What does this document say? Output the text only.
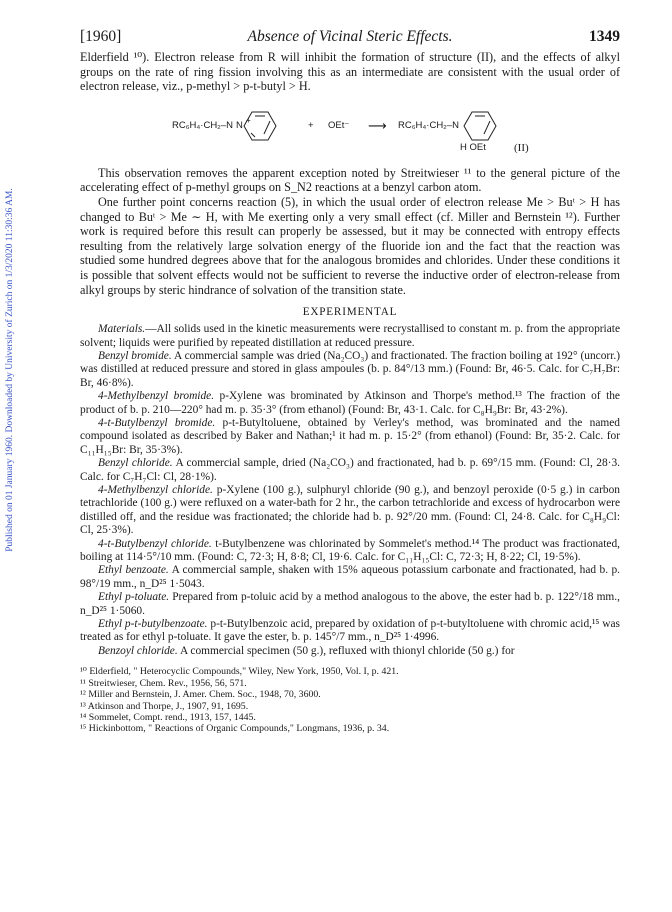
Published on 01 January 1960. Downloaded by University of Zurich on 1/3/2020 11:30:36 AM.
[1960]	Absence of Vicinal Steric Effects.	1349

Elderfield ¹⁰). Electron release from R will inhibit the formation of structure (II), and the effects of alkyl groups on the rate of ring fission involving this as an intermediate are consistent with the usual order of electron release, viz., p-methyl > p-t-butyl > H.

RC₆H₄·CH₂–N N +	+ OEt⁻ ⟶ RC₆H₄·CH₂–N
H OEt	(II)

This observation removes the apparent exception noted by Streitwieser ¹¹ to the general picture of the accelerating effect of p-methyl groups on S_N2 reactions at a benzyl carbon atom.

One further point concerns reaction (5), in which the usual order of electron release Me > Buᵗ > H has changed to Buᵗ > Me ∼ H, with Me exerting only a very small effect (cf. Miller and Bernstein ¹²). Further work is required before this result can properly be assessed, but it may be connected with entropy effects resulting from the relatively large solvation energy of the fluoride ion and the fact that the reaction was studied some hundred degrees above that for the analogous bromides and chlorides. Under these conditions it is possible that solvent effects would not be sufficient to reverse the inductive order of electron-release from alkyl groups by steric hindrance of solvation of the transition state.

EXPERIMENTAL

Materials.—All solids used in the kinetic measurements were recrystallised to constant m. p. from the appropriate solvent; liquids were purified by repeated distillation at reduced pressure.

Benzyl bromide. A commercial sample was dried (Na₂CO₃) and fractionated. The fraction boiling at 192° (uncorr.) was distilled at reduced pressure and stored in glass ampoules (b. p. 84°/13 mm.) (Found: Br, 46·5. Calc. for C₇H₇Br: Br, 46·8%).

4-Methylbenzyl bromide. p-Xylene was brominated by Atkinson and Thorpe's method.¹³ The fraction of the product of b. p. 210—220° had m. p. 35·3° (from ethanol) (Found: Br, 43·1. Calc. for C₈H₉Br: Br, 43·2%).

4-t-Butylbenzyl bromide. p-t-Butyltoluene, obtained by Verley's method, was brominated and the named compound isolated as described by Baker and Nathan;¹ it had m. p. 15·2° (from ethanol) (Found: Br, 35·2. Calc. for C₁₁H₁₅Br: Br, 35·3%).

Benzyl chloride. A commercial sample, dried (Na₂CO₃) and fractionated, had b. p. 69°/15 mm. (Found: Cl, 28·3. Calc. for C₇H₇Cl: Cl, 28·1%).

4-Methylbenzyl chloride. p-Xylene (100 g.), sulphuryl chloride (90 g.), and benzoyl peroxide (0·5 g.) in carbon tetrachloride (100 g.) were refluxed on a water-bath for 2 hr., the carbon tetrachloride and excess of hydrocarbon were distilled off, and the residue was fractionated; the chloride had b. p. 92°/20 mm. (Found: Cl, 24·8. Calc. for C₈H₉Cl: Cl, 25·3%).

4-t-Butylbenzyl chloride. t-Butylbenzene was chlorinated by Sommelet's method.¹⁴ The product was fractionated, boiling at 114·5°/10 mm. (Found: C, 72·3; H, 8·8; Cl, 19·6. Calc. for C₁₁H₁₅Cl: C, 72·3; H, 8·22; Cl, 19·5%).

Ethyl benzoate. A commercial sample, shaken with 15% aqueous potassium carbonate and fractionated, had b. p. 98°/19 mm., n_D²⁵ 1·5043.

Ethyl p-toluate. Prepared from p-toluic acid by a method analogous to the above, the ester had b. p. 122°/18 mm., n_D²⁵ 1·5060.

Ethyl p-t-butylbenzoate. p-t-Butylbenzoic acid, prepared by oxidation of p-t-butyltoluene with chromic acid,¹⁵ was treated as for ethyl p-toluate. It gave the ester, b. p. 145°/7 mm., n_D²⁵ 1·4996.

Benzoyl chloride. A commercial specimen (50 g.), refluxed with thionyl chloride (50 g.) for

¹⁰ Elderfield, " Heterocyclic Compounds," Wiley, New York, 1950, Vol. I, p. 421.
¹¹ Streitwieser, Chem. Rev., 1956, 56, 571.
¹² Miller and Bernstein, J. Amer. Chem. Soc., 1948, 70, 3600.
¹³ Atkinson and Thorpe, J., 1907, 91, 1695.
¹⁴ Sommelet, Compt. rend., 1913, 157, 1445.
¹⁵ Hickinbottom, " Reactions of Organic Compounds," Longmans, 1936, p. 34.
